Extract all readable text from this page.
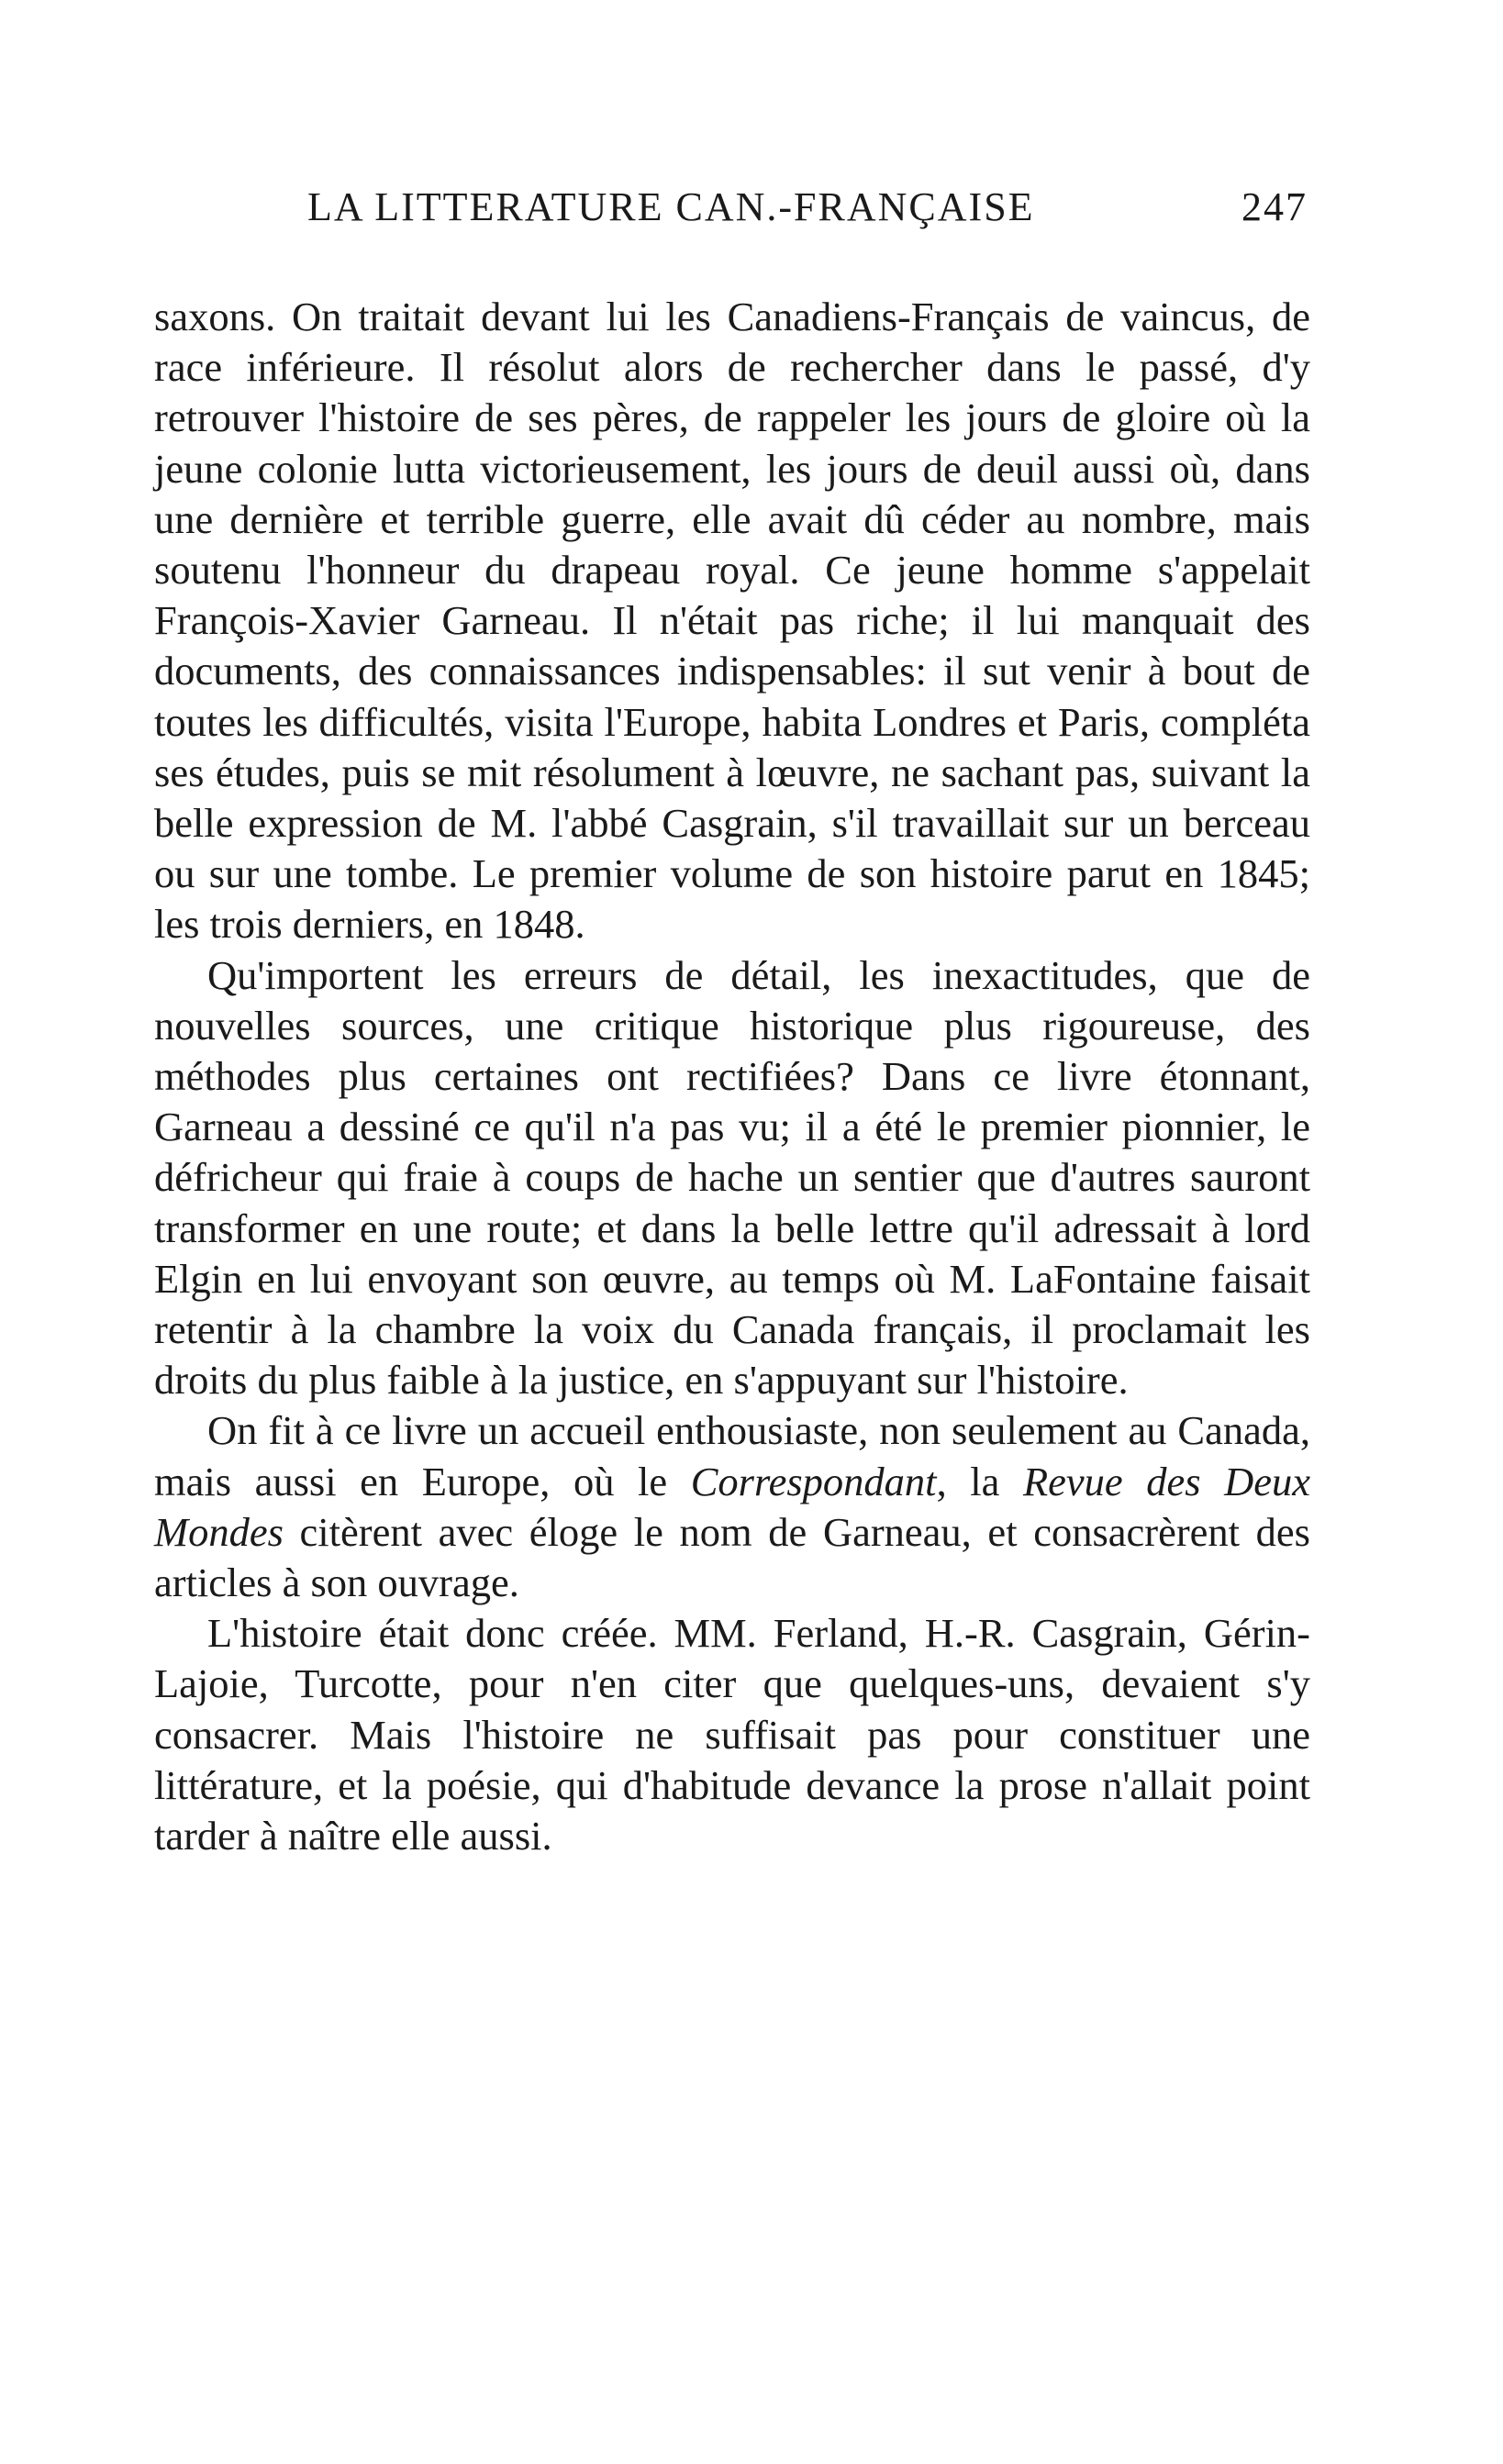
LA LITTERATURE CAN.-FRANÇAISE	247

saxons. On traitait devant lui les Canadiens-Français de vaincus, de race inférieure. Il résolut alors de rechercher dans le passé, d'y retrouver l'histoire de ses pères, de rappeler les jours de gloire où la jeune colonie lutta victorieusement, les jours de deuil aussi où, dans une dernière et terrible guerre, elle avait dû céder au nombre, mais soutenu l'honneur du drapeau royal. Ce jeune homme s'appelait François-Xavier Garneau. Il n'était pas riche; il lui manquait des documents, des connaissances indispensables: il sut venir à bout de toutes les difficultés, visita l'Europe, habita Londres et Paris, compléta ses études, puis se mit résolument à lœuvre, ne sachant pas, suivant la belle expression de M. l'abbé Casgrain, s'il travaillait sur un berceau ou sur une tombe. Le premier volume de son histoire parut en 1845; les trois derniers, en 1848.

Qu'importent les erreurs de détail, les inexactitudes, que de nouvelles sources, une critique historique plus rigoureuse, des méthodes plus certaines ont rectifiées? Dans ce livre étonnant, Garneau a dessiné ce qu'il n'a pas vu; il a été le premier pionnier, le défricheur qui fraie à coups de hache un sentier que d'autres sauront transformer en une route; et dans la belle lettre qu'il adressait à lord Elgin en lui envoyant son œuvre, au temps où M. LaFontaine faisait retentir à la chambre la voix du Canada français, il proclamait les droits du plus faible à la justice, en s'appuyant sur l'histoire.

On fit à ce livre un accueil enthousiaste, non seulement au Canada, mais aussi en Europe, où le Correspondant, la Revue des Deux Mondes citèrent avec éloge le nom de Garneau, et consacrèrent des articles à son ouvrage.

L'histoire était donc créée. MM. Ferland, H.-R. Casgrain, Gérin-Lajoie, Turcotte, pour n'en citer que quelques-uns, devaient s'y consacrer. Mais l'histoire ne suffisait pas pour constituer une littérature, et la poésie, qui d'habitude devance la prose n'allait point tarder à naître elle aussi.
